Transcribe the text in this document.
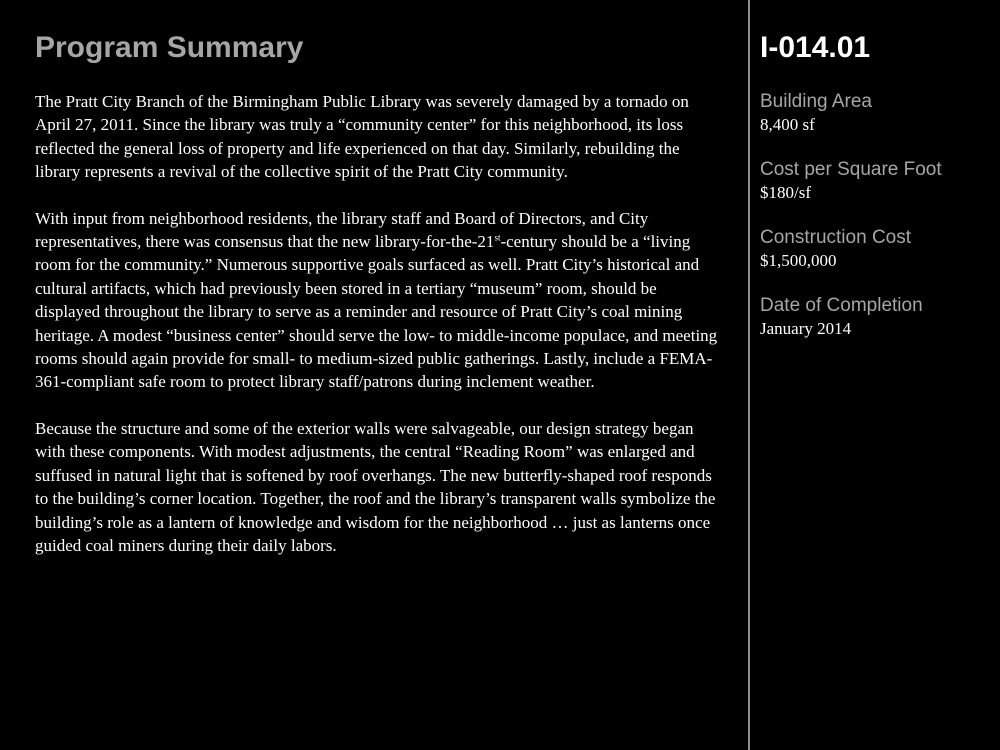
Program Summary

The Pratt City Branch of the Birmingham Public Library was severely damaged by a tornado on April 27, 2011. Since the library was truly a “community center” for this neighborhood, its loss reflected the general loss of property and life experienced on that day. Similarly, rebuilding the library represents a revival of the collective spirit of the Pratt City community.

With input from neighborhood residents, the library staff and Board of Directors, and City representatives, there was consensus that the new library-for-the-21st-century should be a “living room for the community.” Numerous supportive goals surfaced as well. Pratt City’s historical and cultural artifacts, which had previously been stored in a tertiary “museum” room, should be displayed throughout the library to serve as a reminder and resource of Pratt City’s coal mining heritage. A modest “business center” should serve the low- to middle-income populace, and meeting rooms should again provide for small- to medium-sized public gatherings. Lastly, include a FEMA-361-compliant safe room to protect library staff/patrons during inclement weather.

Because the structure and some of the exterior walls were salvageable, our design strategy began with these components. With modest adjustments, the central “Reading Room” was enlarged and suffused in natural light that is softened by roof overhangs. The new butterfly-shaped roof responds to the building’s corner location. Together, the roof and the library’s transparent walls symbolize the building’s role as a lantern of knowledge and wisdom for the neighborhood … just as lanterns once guided coal miners during their daily labors.

I-014.01
Building Area
8,400 sf
Cost per Square Foot
$180/sf
Construction Cost
$1,500,000
Date of Completion
January 2014
